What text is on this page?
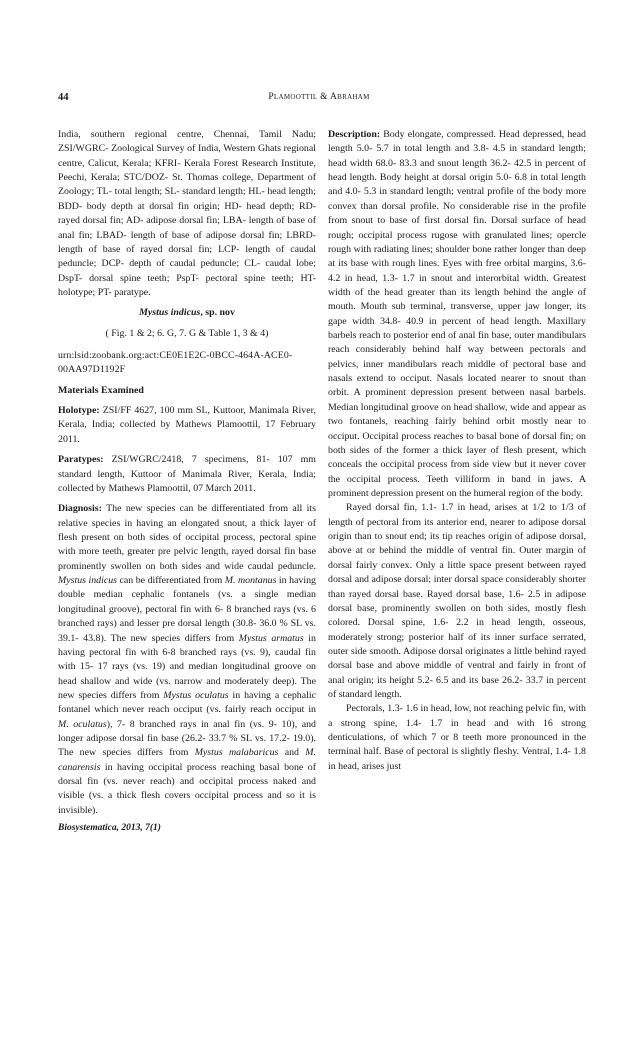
44	Plamoottil & Abraham

India, southern regional centre, Chennai, Tamil Nadu; ZSI/WGRC- Zoological Survey of India, Western Ghats regional centre, Calicut, Kerala; KFRI- Kerala Forest Research Institute, Peechi, Kerala; STC/DOZ- St. Thomas college, Department of Zoology; TL- total length; SL- standard length; HL- head length; BDD- body depth at dorsal fin origin; HD- head depth; RD- rayed dorsal fin; AD- adipose dorsal fin; LBA- length of base of anal fin; LBAD- length of base of adipose dorsal fin; LBRD- length of base of rayed dorsal fin; LCP- length of caudal peduncle; DCP- depth of caudal peduncle; CL- caudal lobe; DspT- dorsal spine teeth; PspT- pectoral spine teeth; HT- holotype; PT- paratype.

Mystus indicus, sp. nov

( Fig. 1 & 2; 6. G, 7. G & Table 1, 3 & 4)

urn:lsid:zoobank.org:act:CE0E1E2C-0BCC-464A-ACE0-00AA97D1192F

Materials Examined

Holotype: ZSI/FF 4627, 100 mm SL, Kuttoor, Manimala River, Kerala, India; collected by Mathews Plamoottil, 17 February 2011.

Paratypes: ZSI/WGRC/2418, 7 specimens, 81- 107 mm standard length, Kuttoor of Manimala River, Kerala, India; collected by Mathews Plamoottil, 07 March 2011.

Diagnosis: The new species can be differentiated from all its relative species in having an elongated snout, a thick layer of flesh present on both sides of occipital process, pectoral spine with more teeth, greater pre pelvic length, rayed dorsal fin base prominently swollen on both sides and wide caudal peduncle. Mystus indicus can be differentiated from M. montanus in having double median cephalic fontanels (vs. a single median longitudinal groove), pectoral fin with 6- 8 branched rays (vs. 6 branched rays) and lesser pre dorsal length (30.8- 36.0 % SL vs. 39.1- 43.8). The new species differs from Mystus armatus in having pectoral fin with 6-8 branched rays (vs. 9), caudal fin with 15- 17 rays (vs. 19) and median longitudinal groove on head shallow and wide (vs. narrow and moderately deep). The new species differs from Mystus oculatus in having a cephalic fontanel which never reach occiput (vs. fairly reach occiput in M. oculatus), 7- 8 branched rays in anal fin (vs. 9- 10), and longer adipose dorsal fin base (26.2- 33.7 % SL vs. 17.2- 19.0). The new species differs from Mystus malabaricus and M. canarensis in having occipital process reaching basal bone of dorsal fin (vs. never reach) and occipital process naked and visible (vs. a thick flesh covers occipital process and so it is invisible).

Description: Body elongate, compressed. Head depressed, head length 5.0- 5.7 in total length and 3.8- 4.5 in standard length; head width 68.0- 83.3 and snout length 36.2- 42.5 in percent of head length. Body height at dorsal origin 5.0- 6.8 in total length and 4.0- 5.3 in standard length; ventral profile of the body more convex than dorsal profile. No considerable rise in the profile from snout to base of first dorsal fin. Dorsal surface of head rough; occipital process rugose with granulated lines; opercle rough with radiating lines; shoulder bone rather longer than deep at its base with rough lines. Eyes with free orbital margins, 3.6- 4.2 in head, 1.3- 1.7 in snout and interorbital width. Greatest width of the head greater than its length behind the angle of mouth. Mouth sub terminal, transverse, upper jaw longer, its gape width 34.8- 40.9 in percent of head length. Maxillary barbels reach to posterior end of anal fin base, outer mandibulars reach considerably behind half way between pectorals and pelvics, inner mandibulars reach middle of pectoral base and nasals extend to occiput. Nasals located nearer to snout than orbit. A prominent depression present between nasal barbels. Median longitudinal groove on head shallow, wide and appear as two fontanels, reaching fairly behind orbit mostly near to occiput. Occipital process reaches to basal bone of dorsal fin; on both sides of the former a thick layer of flesh present, which conceals the occipital process from side view but it never cover the occipital process. Teeth villiform in band in jaws. A prominent depression present on the humeral region of the body.

Rayed dorsal fin, 1.1- 1.7 in head, arises at 1/2 to 1/3 of length of pectoral from its anterior end, nearer to adipose dorsal origin than to snout end; its tip reaches origin of adipose dorsal, above at or behind the middle of ventral fin. Outer margin of dorsal fairly convex. Only a little space present between rayed dorsal and adipose dorsal; inter dorsal space considerably shorter than rayed dorsal base. Rayed dorsal base, 1.6- 2.5 in adipose dorsal base, prominently swollen on both sides, mostly flesh colored. Dorsal spine, 1.6- 2.2 in head length, osseous, moderately strong; posterior half of its inner surface serrated, outer side smooth. Adipose dorsal originates a little behind rayed dorsal base and above middle of ventral and fairly in front of anal origin; its height 5.2- 6.5 and its base 26.2- 33.7 in percent of standard length.

Pectorals, 1.3- 1.6 in head, low, not reaching pelvic fin, with a strong spine, 1.4- 1.7 in head and with 16 strong denticulations, of which 7 or 8 teeth more pronounced in the terminal half. Base of pectoral is slightly fleshy. Ventral, 1.4- 1.8 in head, arises just

Biosystematica, 2013, 7(1)
